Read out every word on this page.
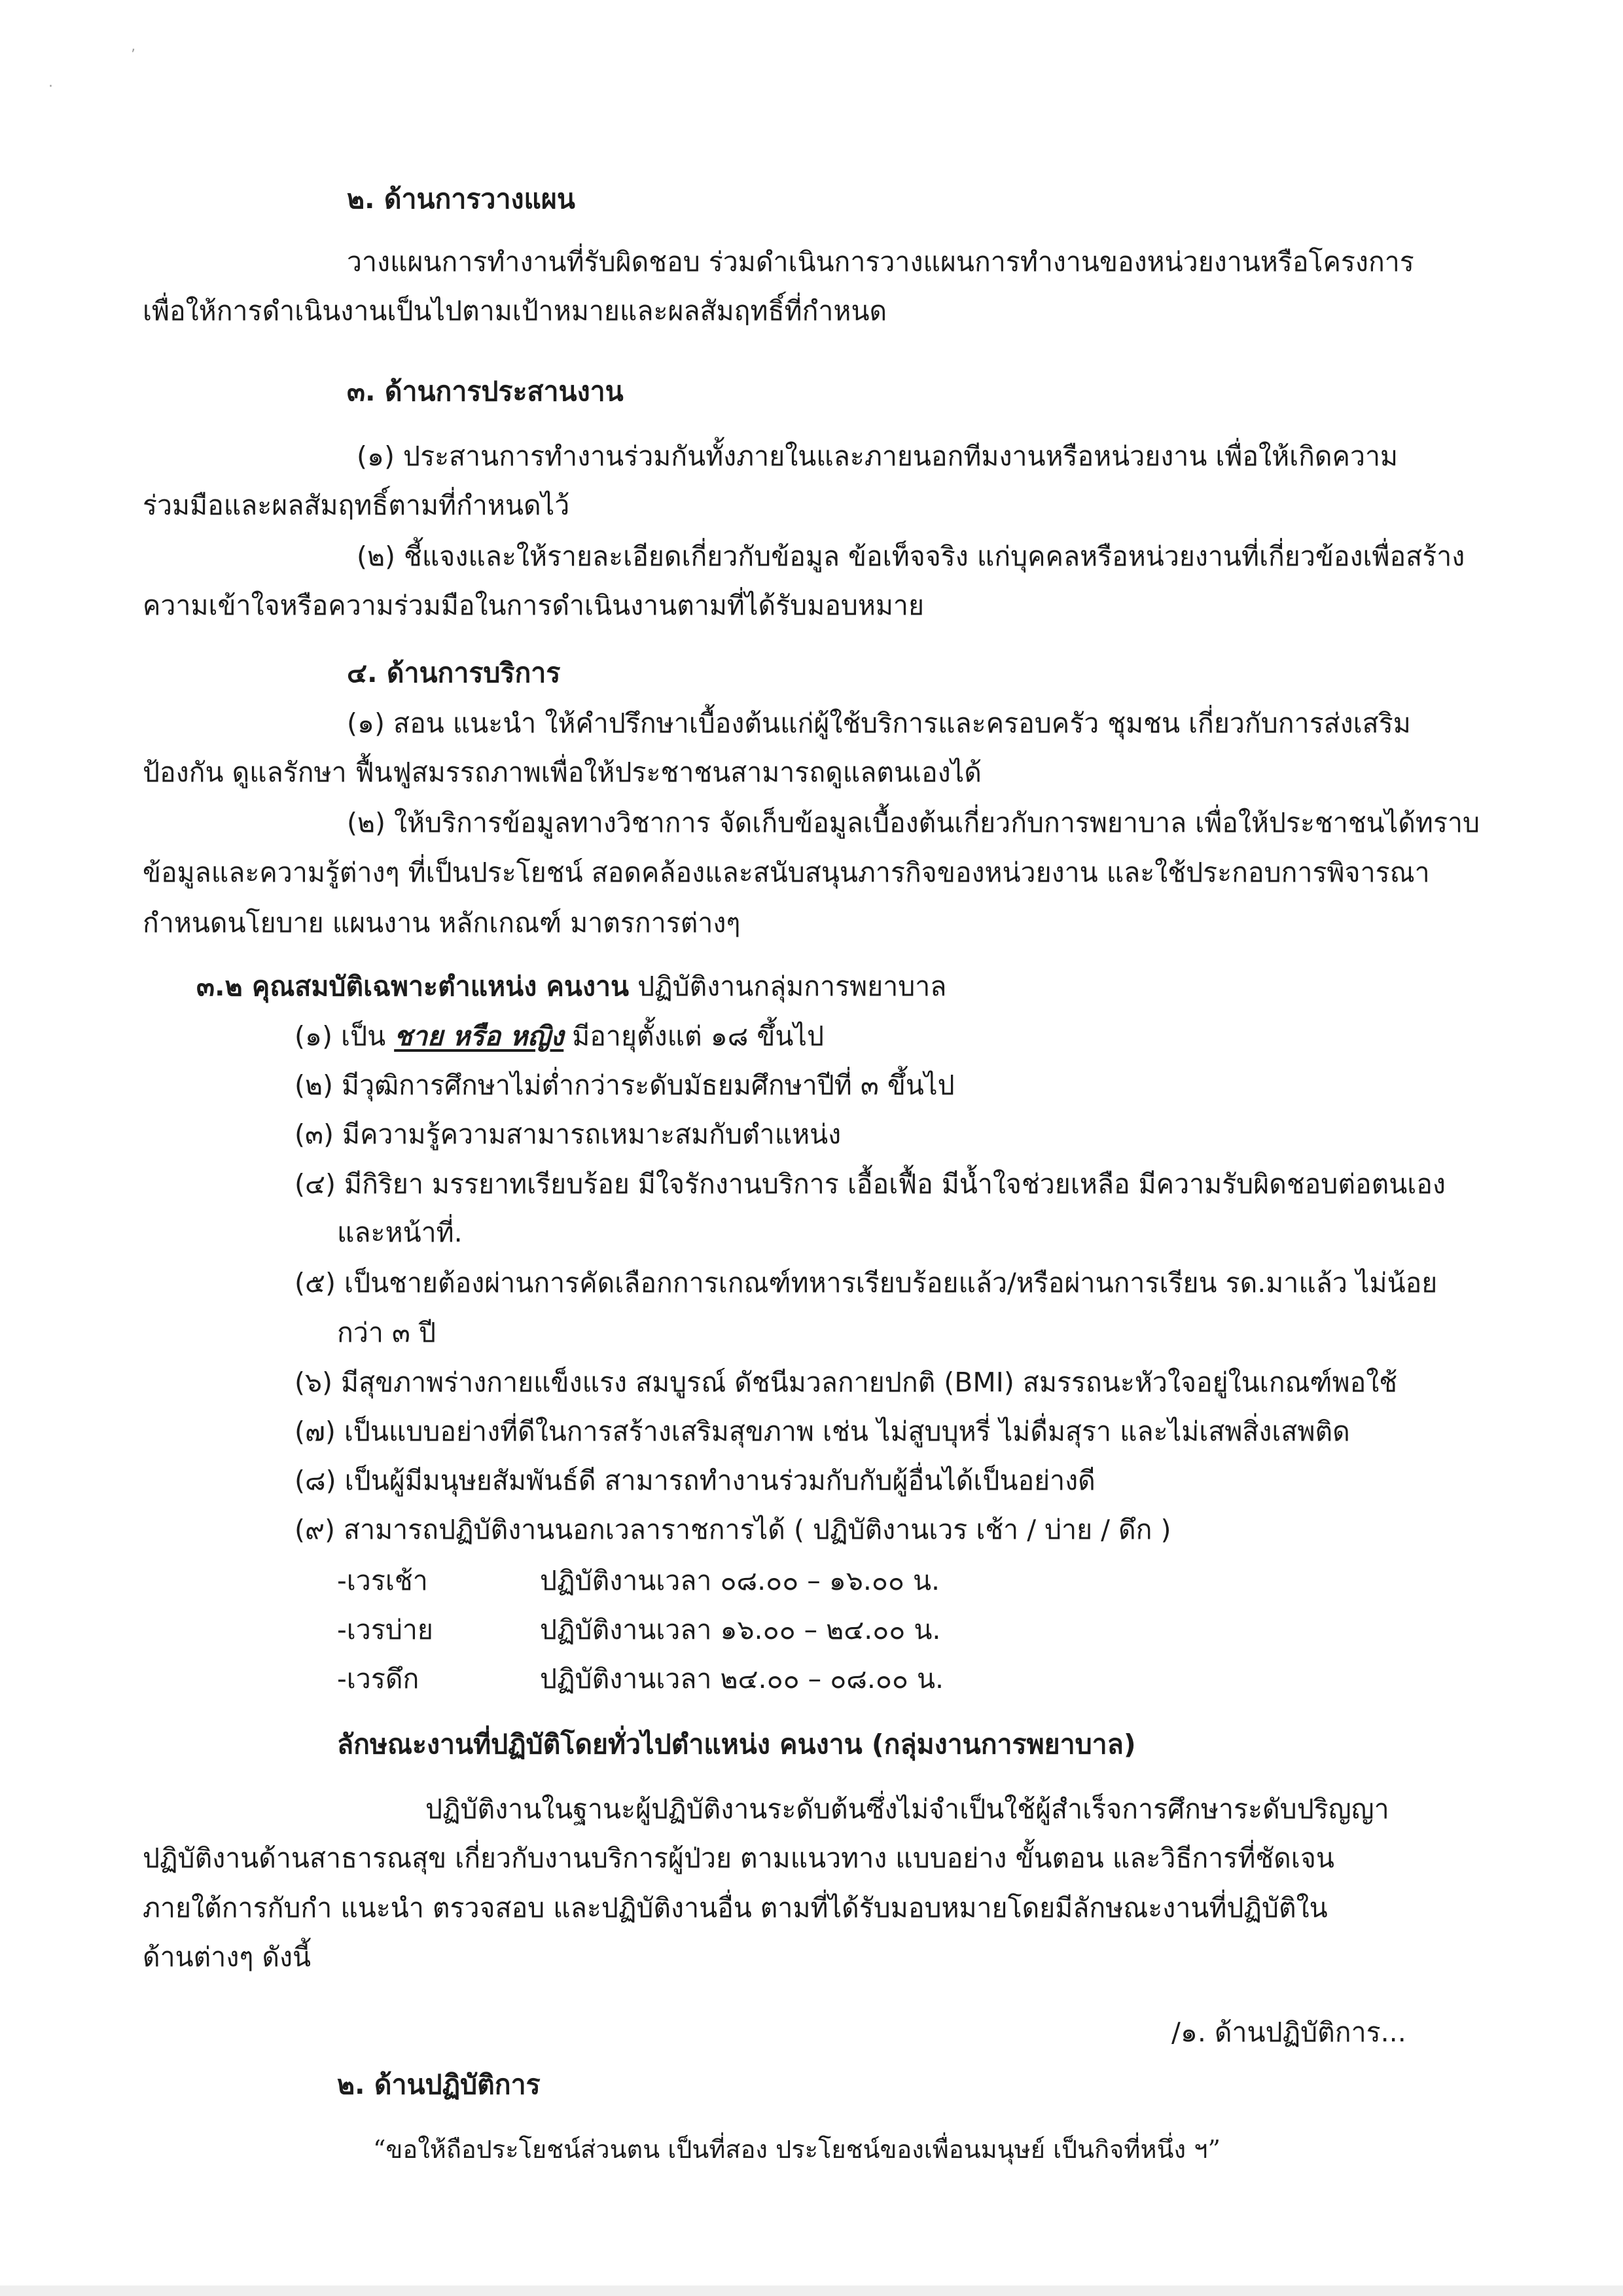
·
’
๒. ด้านการวางแผน
วางแผนการทำงานที่รับผิดชอบ ร่วมดำเนินการวางแผนการทำงานของหน่วยงานหรือโครงการ
เพื่อให้การดำเนินงานเป็นไปตามเป้าหมายและผลสัมฤทธิ์ที่กำหนด
๓. ด้านการประสานงาน
(๑) ประสานการทำงานร่วมกันทั้งภายในและภายนอกทีมงานหรือหน่วยงาน เพื่อให้เกิดความ
ร่วมมือและผลสัมฤทธิ์ตามที่กำหนดไว้
(๒) ชี้แจงและให้รายละเอียดเกี่ยวกับข้อมูล ข้อเท็จจริง แก่บุคคลหรือหน่วยงานที่เกี่ยวข้องเพื่อสร้าง
ความเข้าใจหรือความร่วมมือในการดำเนินงานตามที่ได้รับมอบหมาย
๔. ด้านการบริการ
(๑) สอน แนะนำ ให้คำปรึกษาเบื้องต้นแก่ผู้ใช้บริการและครอบครัว ชุมชน เกี่ยวกับการส่งเสริม
ป้องกัน ดูแลรักษา ฟื้นฟูสมรรถภาพเพื่อให้ประชาชนสามารถดูแลตนเองได้
(๒) ให้บริการข้อมูลทางวิชาการ จัดเก็บข้อมูลเบื้องต้นเกี่ยวกับการพยาบาล เพื่อให้ประชาชนได้ทราบ
ข้อมูลและความรู้ต่างๆ ที่เป็นประโยชน์ สอดคล้องและสนับสนุนภารกิจของหน่วยงาน และใช้ประกอบการพิจารณา
กำหนดนโยบาย แผนงาน หลักเกณฑ์ มาตรการต่างๆ
๓.๒ คุณสมบัติเฉพาะตำแหน่ง คนงาน ปฏิบัติงานกลุ่มการพยาบาล
(๑) เป็น ชาย หรือ หญิง มีอายุตั้งแต่ ๑๘ ขึ้นไป
(๒) มีวุฒิการศึกษาไม่ต่ำกว่าระดับมัธยมศึกษาปีที่ ๓ ขึ้นไป
(๓) มีความรู้ความสามารถเหมาะสมกับตำแหน่ง
(๔) มีกิริยา มรรยาทเรียบร้อย มีใจรักงานบริการ เอื้อเฟื้อ มีน้ำใจช่วยเหลือ มีความรับผิดชอบต่อตนเอง
และหน้าที่.
(๕) เป็นชายต้องผ่านการคัดเลือกการเกณฑ์ทหารเรียบร้อยแล้ว/หรือผ่านการเรียน รด.มาแล้ว ไม่น้อย
กว่า ๓ ปี
(๖) มีสุขภาพร่างกายแข็งแรง สมบูรณ์ ดัชนีมวลกายปกติ (BMI) สมรรถนะหัวใจอยู่ในเกณฑ์พอใช้
(๗) เป็นแบบอย่างที่ดีในการสร้างเสริมสุขภาพ เช่น ไม่สูบบุหรี่ ไม่ดื่มสุรา และไม่เสพสิ่งเสพติด
(๘) เป็นผู้มีมนุษยสัมพันธ์ดี สามารถทำงานร่วมกับกับผู้อื่นได้เป็นอย่างดี
(๙) สามารถปฏิบัติงานนอกเวลาราชการได้ ( ปฏิบัติงานเวร เช้า / บ่าย / ดึก )
-เวรเช้า	ปฏิบัติงานเวลา ๐๘.๐๐ – ๑๖.๐๐ น.
-เวรบ่าย	ปฏิบัติงานเวลา ๑๖.๐๐ – ๒๔.๐๐ น.
-เวรดึก	ปฏิบัติงานเวลา ๒๔.๐๐ – ๐๘.๐๐ น.
ลักษณะงานที่ปฏิบัติโดยทั่วไปตำแหน่ง คนงาน (กลุ่มงานการพยาบาล)
ปฏิบัติงานในฐานะผู้ปฏิบัติงานระดับต้นซึ่งไม่จำเป็นใช้ผู้สำเร็จการศึกษาระดับปริญญา
ปฏิบัติงานด้านสาธารณสุข เกี่ยวกับงานบริการผู้ป่วย ตามแนวทาง แบบอย่าง ขั้นตอน และวิธีการที่ชัดเจน
ภายใต้การกับกำ แนะนำ ตรวจสอบ และปฏิบัติงานอื่น ตามที่ได้รับมอบหมายโดยมีลักษณะงานที่ปฏิบัติใน
ด้านต่างๆ ดังนี้
/๑. ด้านปฏิบัติการ...
๒. ด้านปฏิบัติการ
“ขอให้ถือประโยชน์ส่วนตน เป็นที่สอง ประโยชน์ของเพื่อนมนุษย์ เป็นกิจที่หนึ่ง ฯ”
